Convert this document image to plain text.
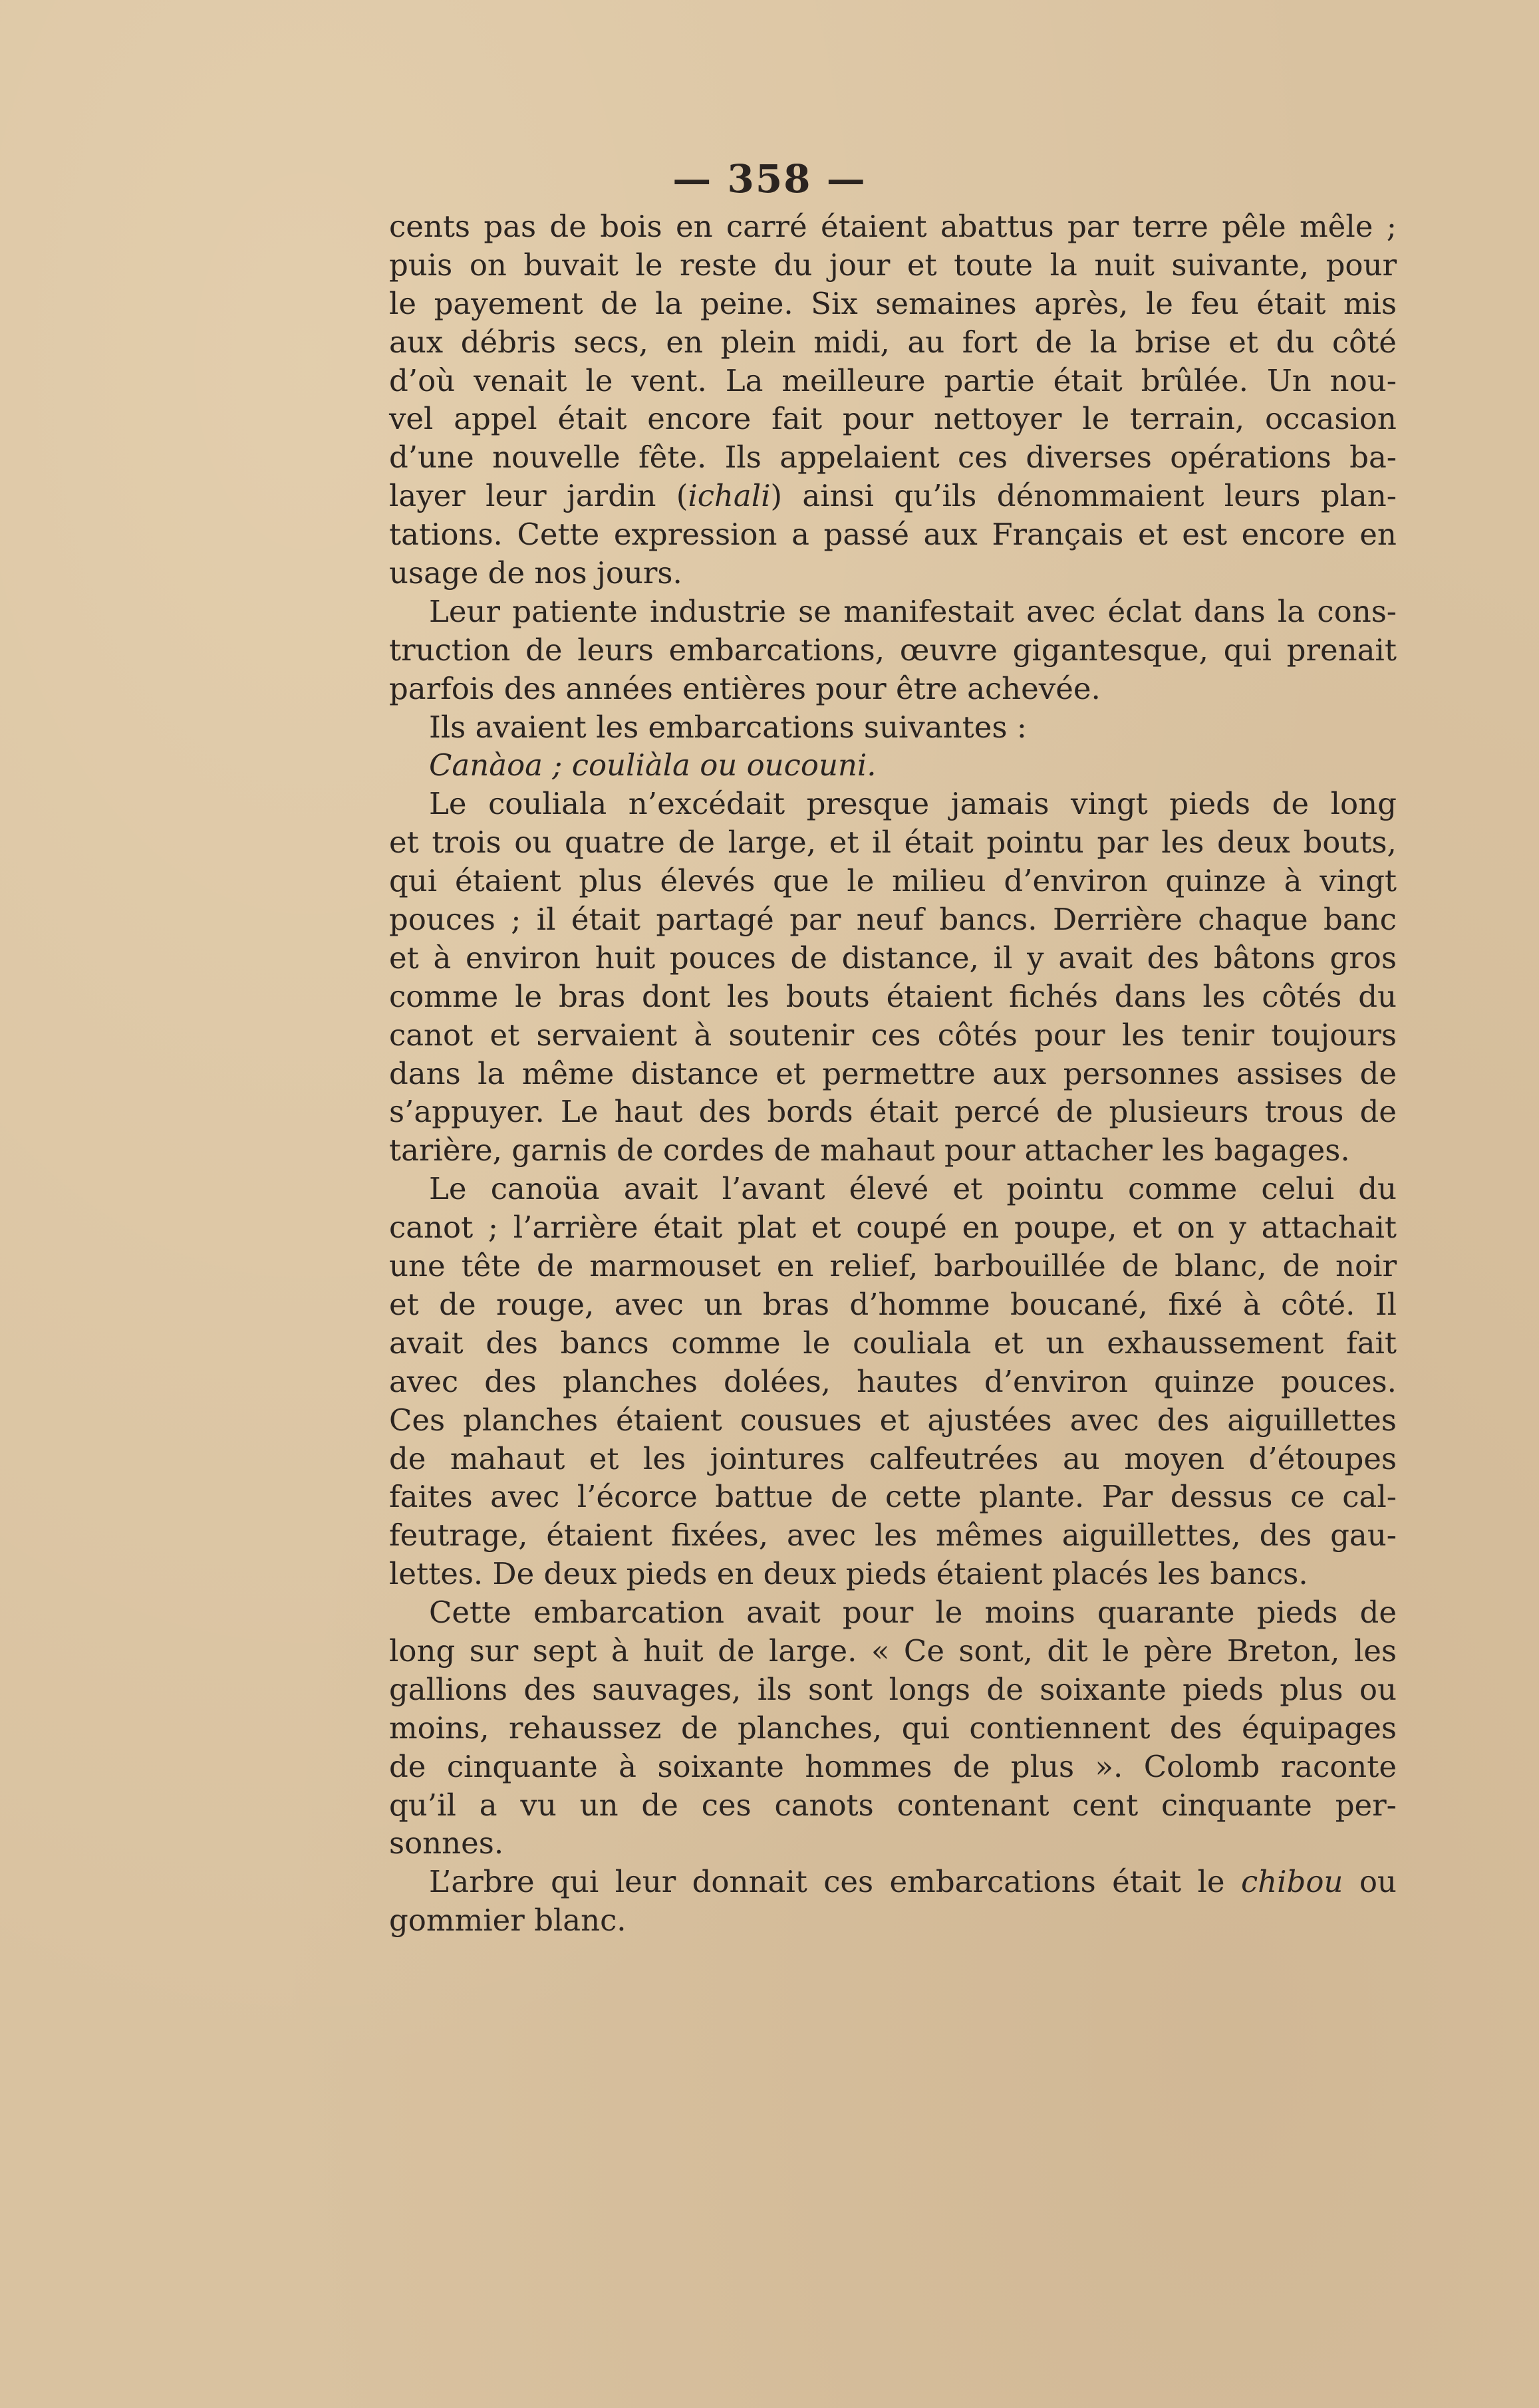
— 358 —
cents pas de bois en carré étaient abattus par terre pêle mêle ;
puis on buvait le reste du jour et toute la nuit suivante, pour
le payement de la peine. Six semaines après, le feu était mis
aux débris secs, en plein midi, au fort de la brise et du côté
d’où venait le vent. La meilleure partie était brûlée. Un nou-
vel appel était encore fait pour nettoyer le terrain, occasion
d’une nouvelle fête. Ils appelaient ces diverses opérations ba-
layer leur jardin (ichali) ainsi qu’ils dénommaient leurs plan-
tations. Cette expression a passé aux Français et est encore en
usage de nos jours.
Leur patiente industrie se manifestait avec éclat dans la cons-
truction de leurs embarcations, œuvre gigantesque, qui prenait
parfois des années entières pour être achevée.
Ils avaient les embarcations suivantes :
Canàoa ; couliàla ou oucouni.
Le couliala n’excédait presque jamais vingt pieds de long
et trois ou quatre de large, et il était pointu par les deux bouts,
qui étaient plus élevés que le milieu d’environ quinze à vingt
pouces ; il était partagé par neuf bancs. Derrière chaque banc
et à environ huit pouces de distance, il y avait des bâtons gros
comme le bras dont les bouts étaient fichés dans les côtés du
canot et servaient à soutenir ces côtés pour les tenir toujours
dans la même distance et permettre aux personnes assises de
s’appuyer. Le haut des bords était percé de plusieurs trous de
tarière, garnis de cordes de mahaut pour attacher les bagages.
Le canoüa avait l’avant élevé et pointu comme celui du
canot ; l’arrière était plat et coupé en poupe, et on y attachait
une tête de marmouset en relief, barbouillée de blanc, de noir
et de rouge, avec un bras d’homme boucané, fixé à côté. Il
avait des bancs comme le couliala et un exhaussement fait
avec des planches dolées, hautes d’environ quinze pouces.
Ces planches étaient cousues et ajustées avec des aiguillettes
de mahaut et les jointures calfeutrées au moyen d’étoupes
faites avec l’écorce battue de cette plante. Par dessus ce cal-
feutrage, étaient fixées, avec les mêmes aiguillettes, des gau-
lettes. De deux pieds en deux pieds étaient placés les bancs.
Cette embarcation avait pour le moins quarante pieds de
long sur sept à huit de large. « Ce sont, dit le père Breton, les
gallions des sauvages, ils sont longs de soixante pieds plus ou
moins, rehaussez de planches, qui contiennent des équipages
de cinquante à soixante hommes de plus ». Colomb raconte
qu’il a vu un de ces canots contenant cent cinquante per-
sonnes.
L’arbre qui leur donnait ces embarcations était le chibou ou
gommier blanc.
